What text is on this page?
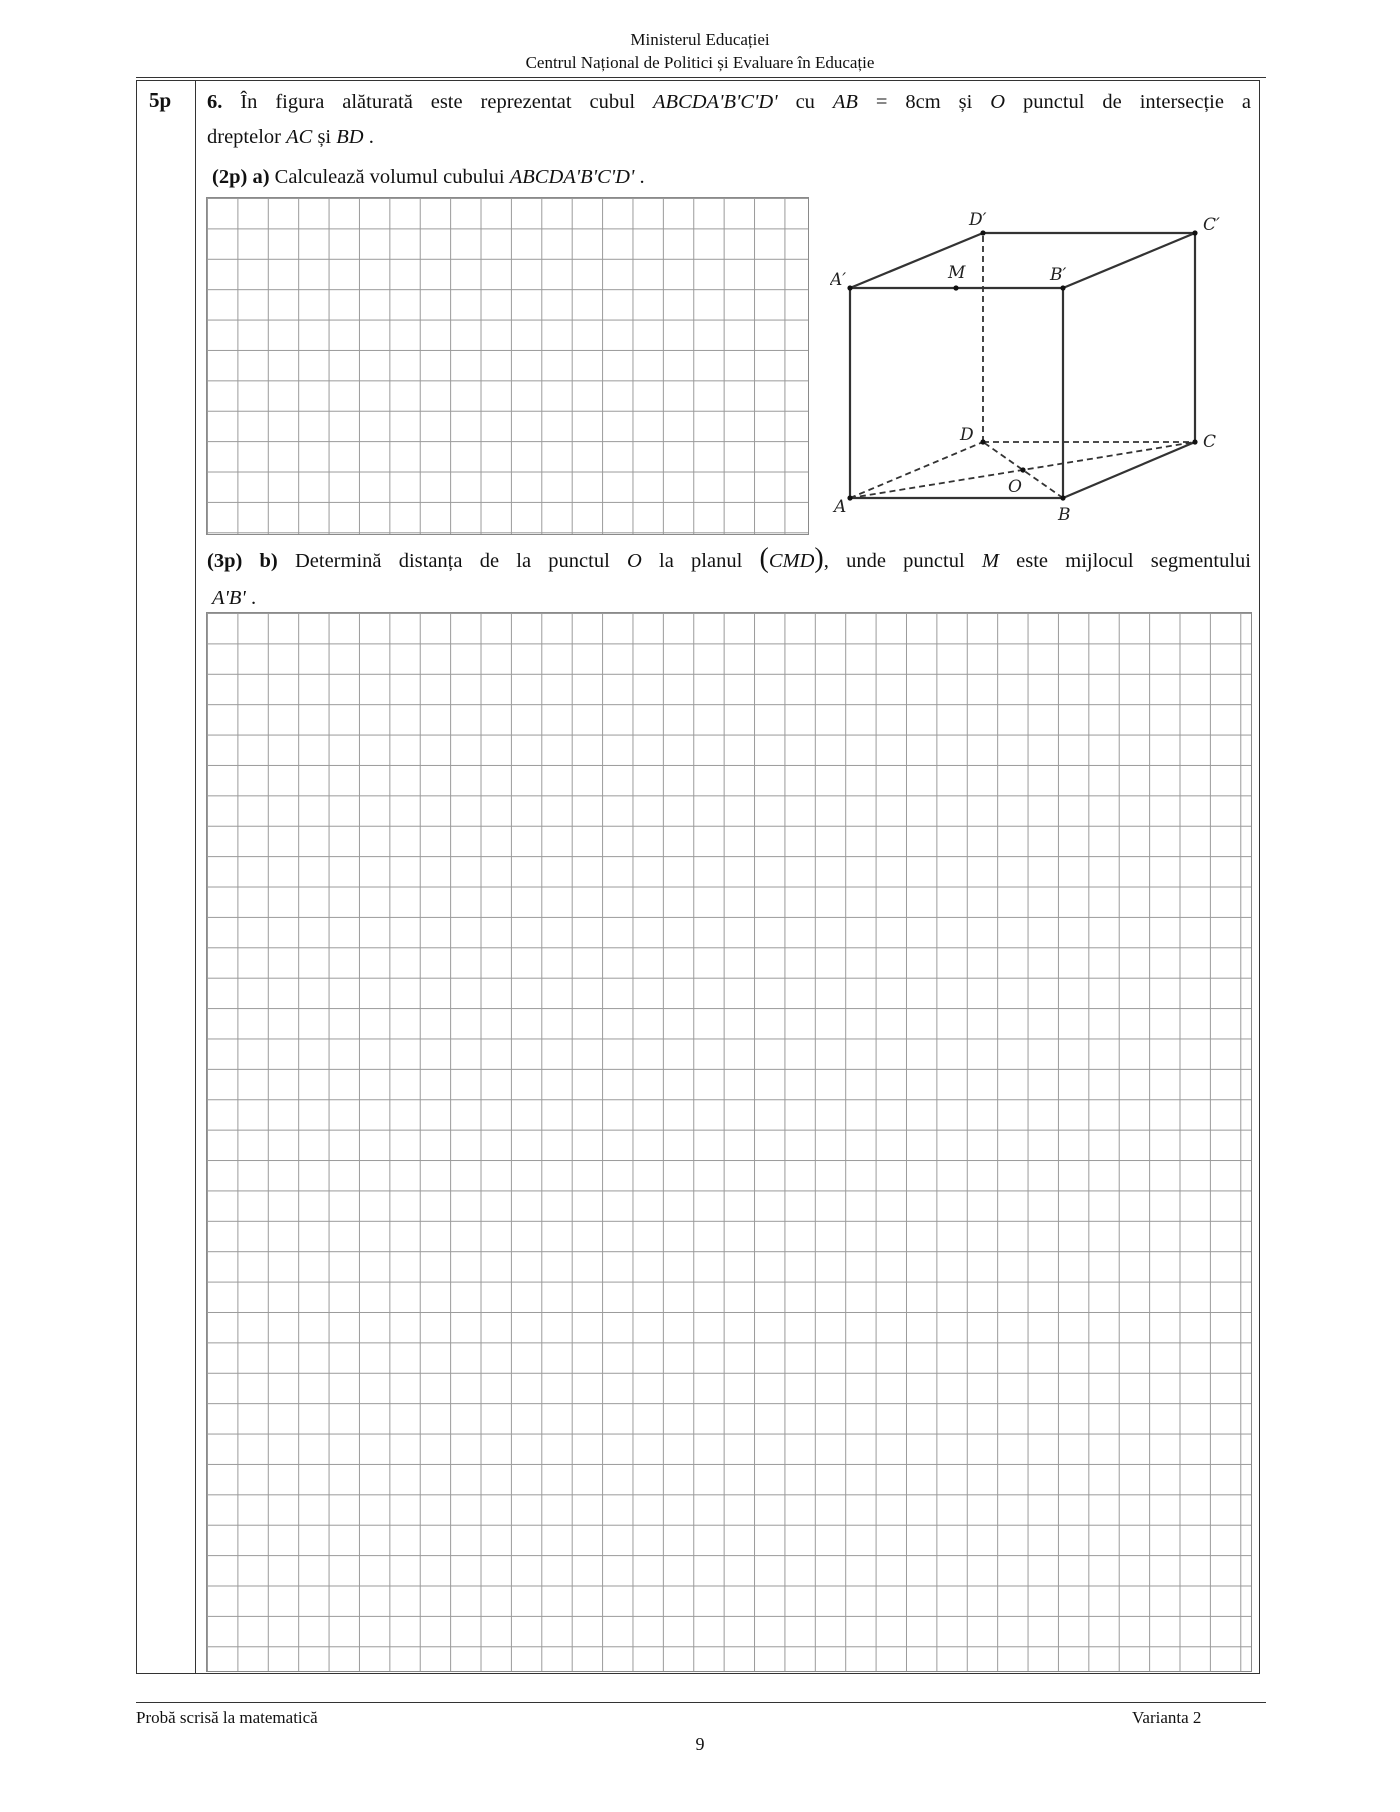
Ministerul Educației
Centrul Național de Politici și Evaluare în Educație
5p 6. În figura alăturată este reprezentat cubul ABCDA'B'C'D' cu AB = 8cm și O punctul de intersecție a
dreptelor AC și BD .
(2p) a) Calculează volumul cubului ABCDA'B'C'D' .
A	B
C
D
A′	B′
C′
D′
M
O
(3p) b) Determină distanța de la punctul O la planul (CMD), unde punctul M este mijlocul segmentului
A'B' .
Probă scrisă la matematică	Varianta 2
9
